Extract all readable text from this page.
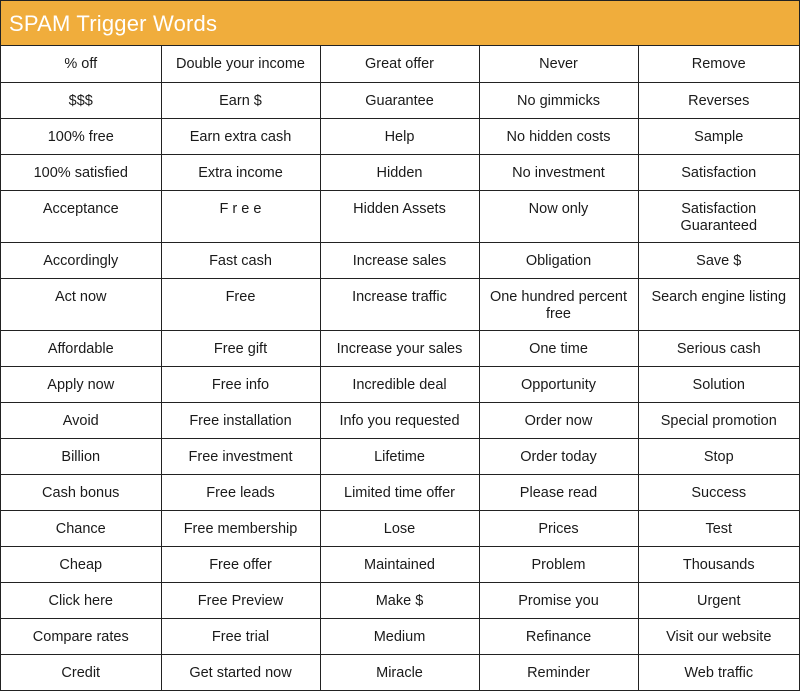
SPAM Trigger Words
% off	Double your income	Great offer	Never	Remove
$$$	Earn $	Guarantee	No gimmicks	Reverses
100% free	Earn extra cash	Help	No hidden costs	Sample
100% satisfied	Extra income	Hidden	No investment	Satisfaction
Acceptance	F r e e	Hidden Assets	Now only	Satisfaction Guaranteed
Accordingly	Fast cash	Increase sales	Obligation	Save $
Act now	Free	Increase traffic	One hundred percent free	Search engine listing
Affordable	Free gift	Increase your sales	One time	Serious cash
Apply now	Free info	Incredible deal	Opportunity	Solution
Avoid	Free installation	Info you requested	Order now	Special promotion
Billion	Free investment	Lifetime	Order today	Stop
Cash bonus	Free leads	Limited time offer	Please read	Success
Chance	Free membership	Lose	Prices	Test
Cheap	Free offer	Maintained	Problem	Thousands
Click here	Free Preview	Make $	Promise you	Urgent
Compare rates	Free trial	Medium	Refinance	Visit our website
Credit	Get started now	Miracle	Reminder	Web traffic
